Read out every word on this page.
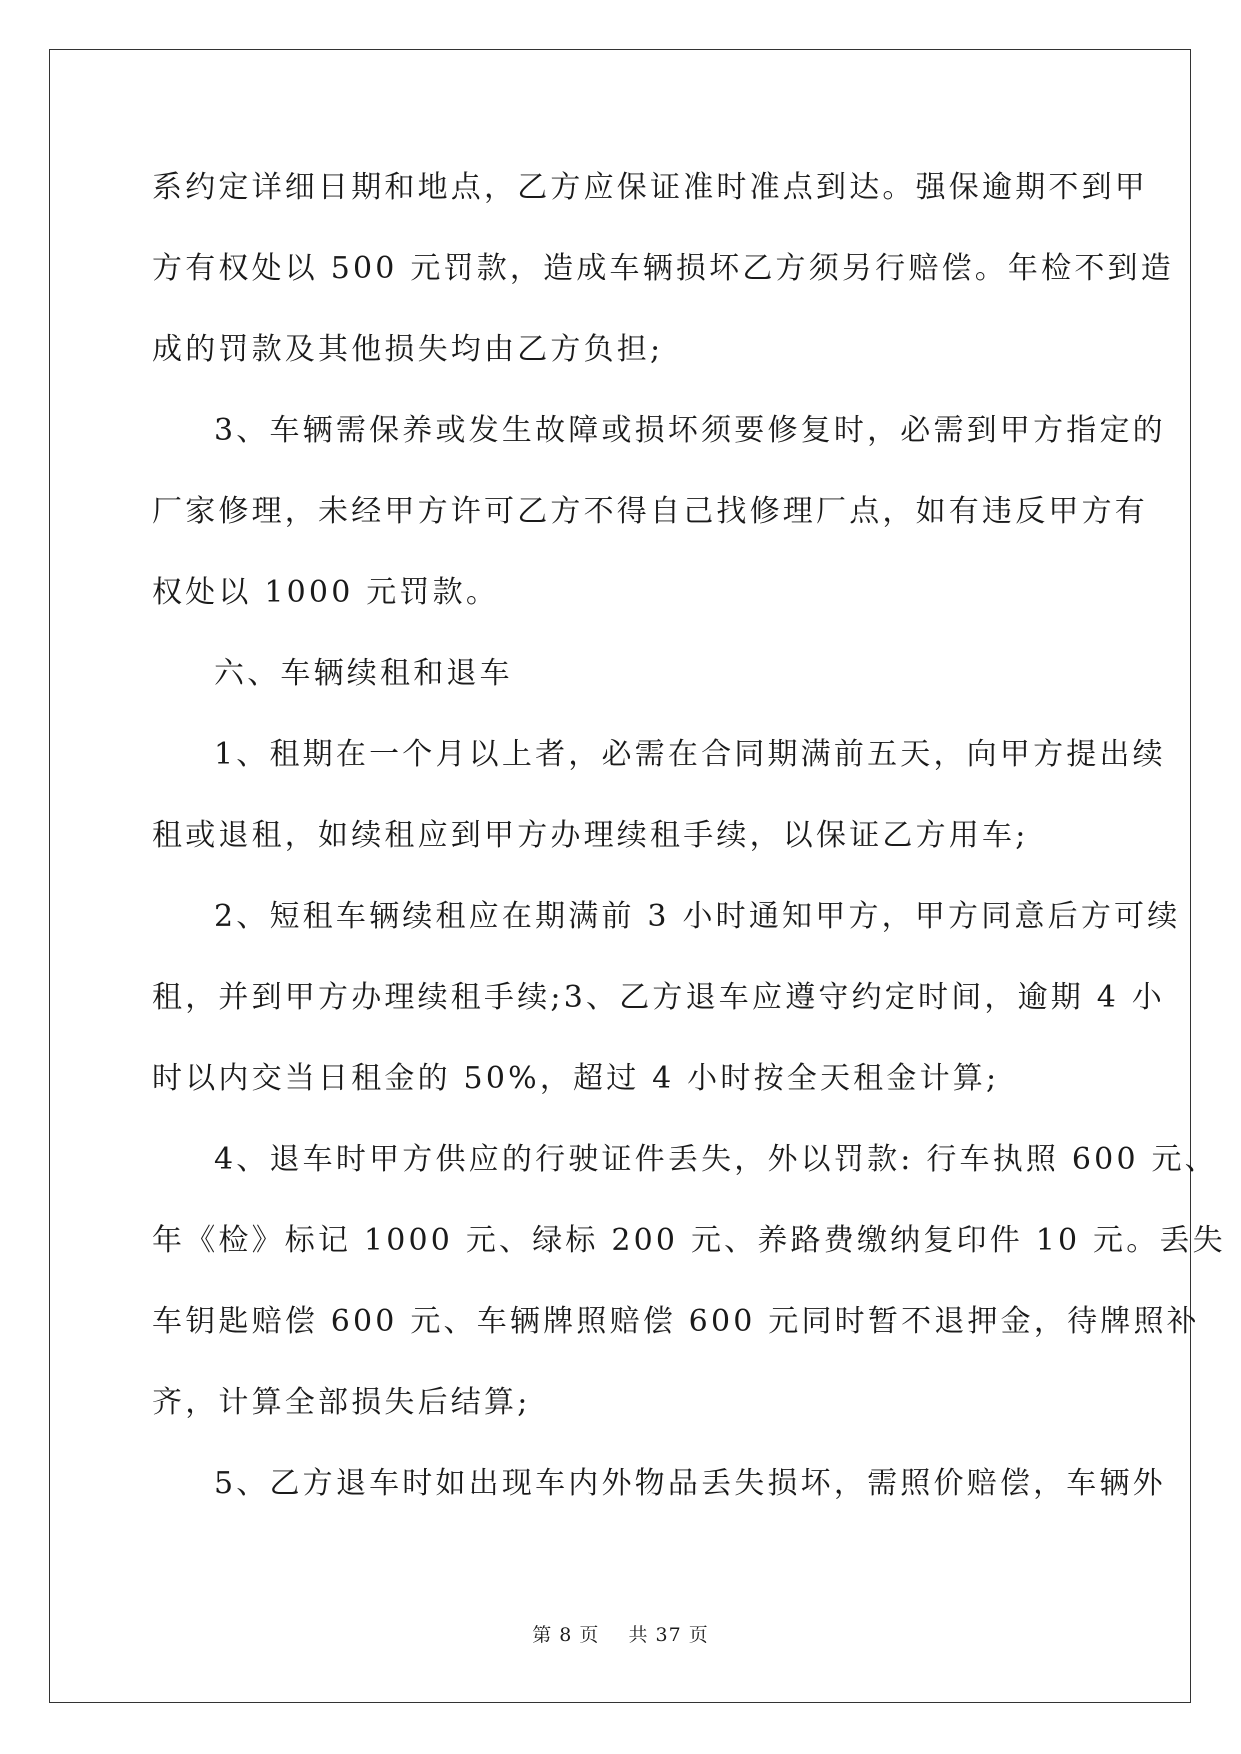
系约定详细日期和地点，乙方应保证准时准点到达。强保逾期不到甲
方有权处以 500 元罚款，造成车辆损坏乙方须另行赔偿。年检不到造
成的罚款及其他损失均由乙方负担;
3、车辆需保养或发生故障或损坏须要修复时，必需到甲方指定的
厂家修理，未经甲方许可乙方不得自己找修理厂点，如有违反甲方有
权处以 1000 元罚款。
六、车辆续租和退车
1、租期在一个月以上者，必需在合同期满前五天，向甲方提出续
租或退租，如续租应到甲方办理续租手续，以保证乙方用车;
2、短租车辆续租应在期满前 3 小时通知甲方，甲方同意后方可续
租，并到甲方办理续租手续;3、乙方退车应遵守约定时间，逾期 4 小
时以内交当日租金的 50%，超过 4 小时按全天租金计算;
4、退车时甲方供应的行驶证件丢失，外以罚款: 行车执照 600 元、
年《检》标记 1000 元、绿标 200 元、养路费缴纳复印件 10 元。丢失
车钥匙赔偿 600 元、车辆牌照赔偿 600 元同时暂不退押金，待牌照补
齐，计算全部损失后结算;
5、乙方退车时如出现车内外物品丢失损坏，需照价赔偿，车辆外
第 8 页 共 37 页
